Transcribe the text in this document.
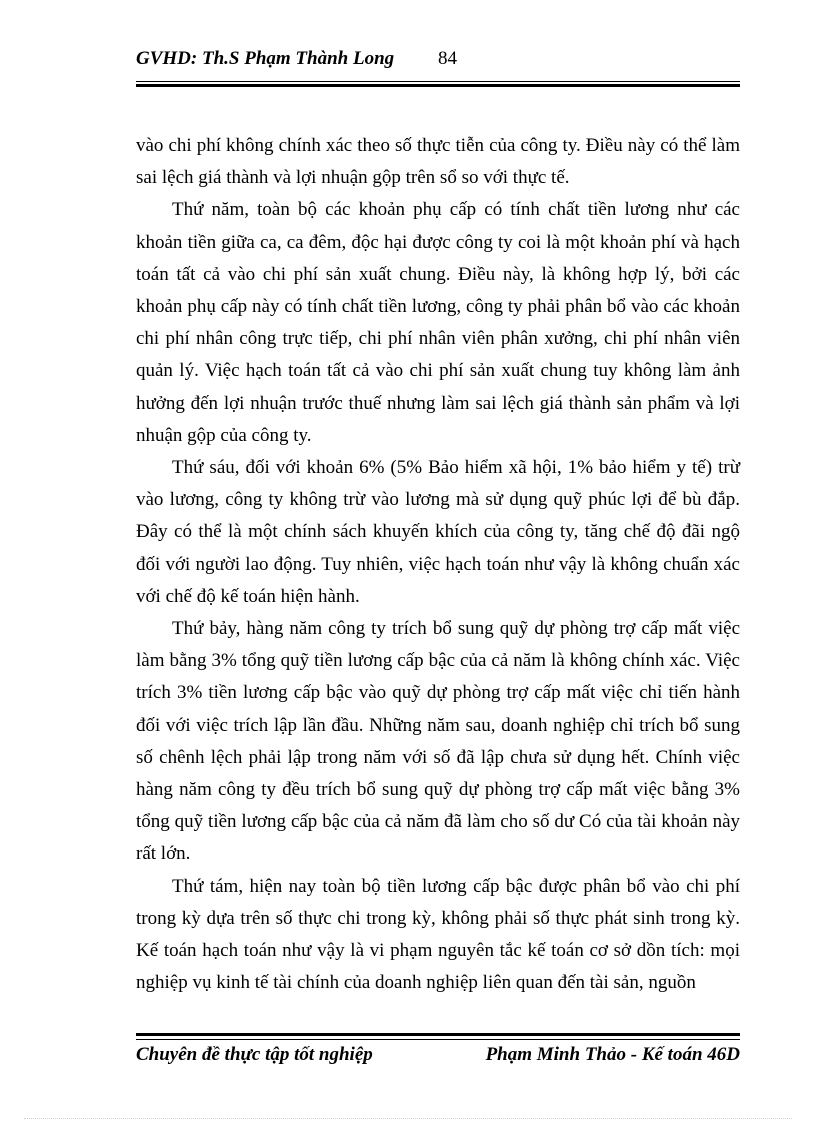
GVHD: Th.S Phạm Thành Long 84

vào chi phí không chính xác theo số thực tiễn của công ty. Điều này có thể làm sai lệch giá thành và lợi nhuận gộp trên sổ so với thực tế.

Thứ năm, toàn bộ các khoản phụ cấp có tính chất tiền lương như các khoản tiền giữa ca, ca đêm, độc hại được công ty coi là một khoản phí và hạch toán tất cả vào chi phí sản xuất chung. Điều này, là không hợp lý, bởi các khoản phụ cấp này có tính chất tiền lương, công ty phải phân bổ vào các khoản chi phí nhân công trực tiếp, chi phí nhân viên phân xưởng, chi phí nhân viên quản lý. Việc hạch toán tất cả vào chi phí sản xuất chung tuy không làm ảnh hưởng đến lợi nhuận trước thuế nhưng làm sai lệch giá thành sản phẩm và lợi nhuận gộp của công ty.

Thứ sáu, đối với khoản 6% (5% Bảo hiểm xã hội, 1% bảo hiểm y tế) trừ vào lương, công ty không trừ vào lương mà sử dụng quỹ phúc lợi để bù đắp. Đây có thể là một chính sách khuyến khích của công ty, tăng chế độ đãi ngộ đối với người lao động. Tuy nhiên, việc hạch toán như vậy là không chuẩn xác với chế độ kế toán hiện hành.

Thứ bảy, hàng năm công ty trích bổ sung quỹ dự phòng trợ cấp mất việc làm bằng 3% tổng quỹ tiền lương cấp bậc của cả năm là không chính xác. Việc trích 3% tiền lương cấp bậc vào quỹ dự phòng trợ cấp mất việc chỉ tiến hành đối với việc trích lập lần đầu. Những năm sau, doanh nghiệp chỉ trích bổ sung số chênh lệch phải lập trong năm với số đã lập chưa sử dụng hết. Chính việc hàng năm công ty đều trích bổ sung quỹ dự phòng trợ cấp mất việc bằng 3% tổng quỹ tiền lương cấp bậc của cả năm đã làm cho số dư Có của tài khoản này rất lớn.

Thứ tám, hiện nay toàn bộ tiền lương cấp bậc được phân bổ vào chi phí trong kỳ dựa trên số thực chi trong kỳ, không phải số thực phát sinh trong kỳ. Kế toán hạch toán như vậy là vi phạm nguyên tắc kế toán cơ sở dồn tích: mọi nghiệp vụ kinh tế tài chính của doanh nghiệp liên quan đến tài sản, nguồn

Chuyên đề thực tập tốt nghiệp	Phạm Minh Thảo - Kế toán 46D
